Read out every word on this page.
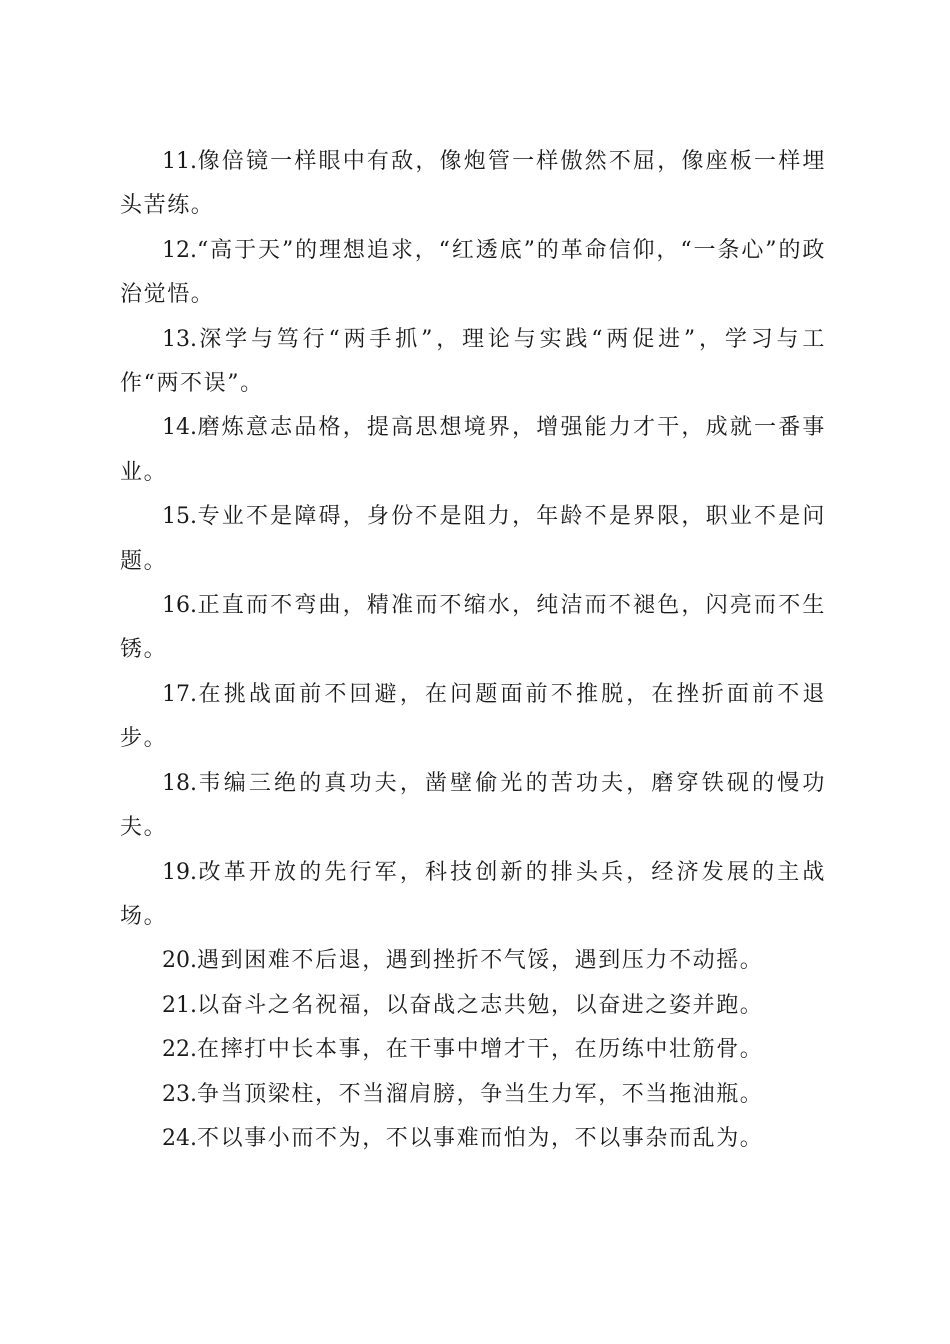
11.像倍镜一样眼中有敌，像炮管一样傲然不屈，像座板一样埋头苦练。

12.“高于天”的理想追求，“红透底”的革命信仰，“一条心”的政治觉悟。

13.深学与笃行“两手抓”，理论与实践“两促进”，学习与工作“两不误”。

14.磨炼意志品格，提高思想境界，增强能力才干，成就一番事业。

15.专业不是障碍，身份不是阻力，年龄不是界限，职业不是问题。

16.正直而不弯曲，精准而不缩水，纯洁而不褪色，闪亮而不生锈。

17.在挑战面前不回避，在问题面前不推脱，在挫折面前不退步。

18.韦编三绝的真功夫，凿壁偷光的苦功夫，磨穿铁砚的慢功夫。

19.改革开放的先行军，科技创新的排头兵，经济发展的主战场。

20.遇到困难不后退，遇到挫折不气馁，遇到压力不动摇。

21.以奋斗之名祝福，以奋战之志共勉，以奋进之姿并跑。

22.在摔打中长本事，在干事中增才干，在历练中壮筋骨。

23.争当顶梁柱，不当溜肩膀，争当生力军，不当拖油瓶。

24.不以事小而不为，不以事难而怕为，不以事杂而乱为。
